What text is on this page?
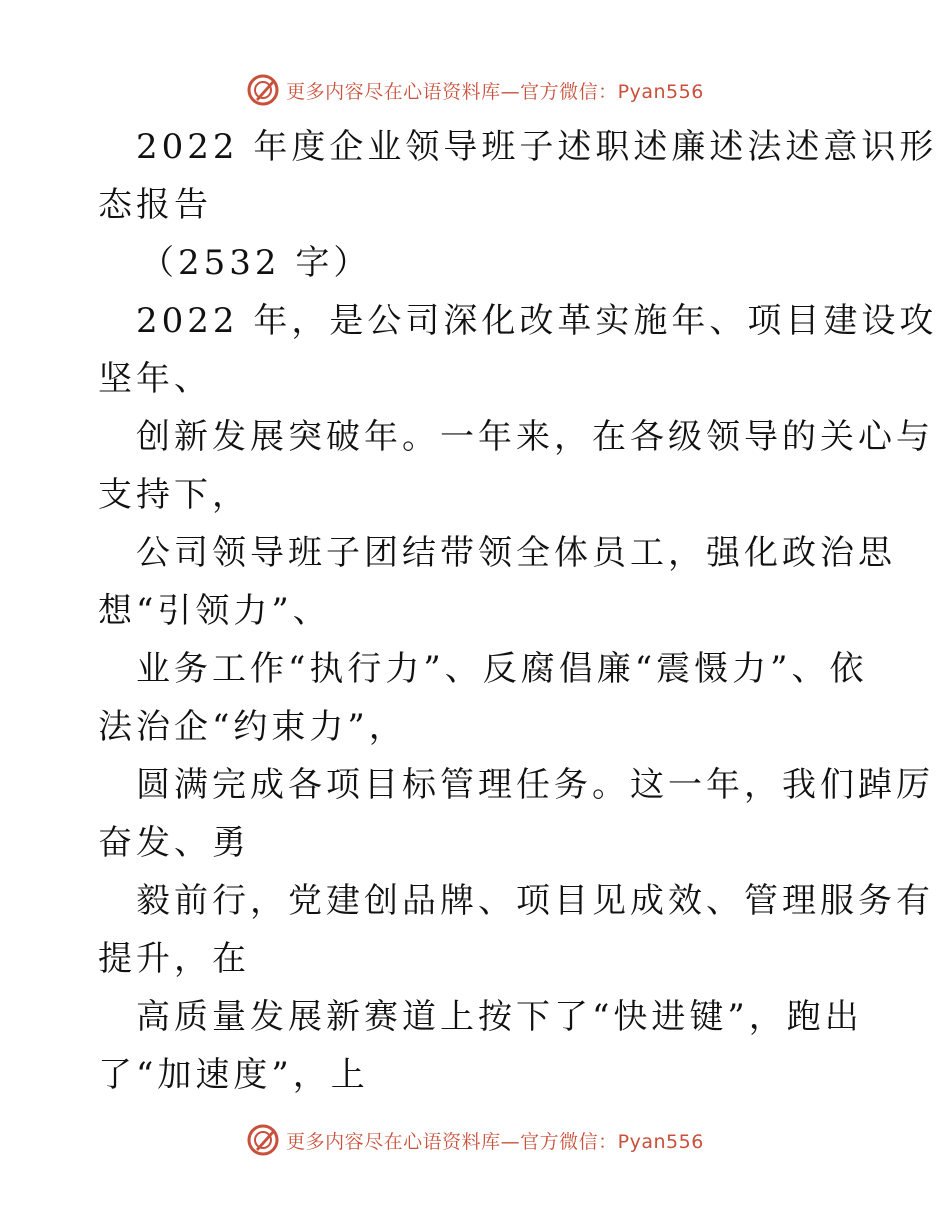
更多内容尽在心语资料库—官方微信：Pyan556
2022 年度企业领导班子述职述廉述法述意识形
态报告
（2532 字）
2022 年，是公司深化改革实施年、项目建设攻
坚年、
创新发展突破年。一年来，在各级领导的关心与
支持下，
公司领导班子团结带领全体员工，强化政治思
想“引领力”、
业务工作“执行力”、反腐倡廉“震慑力”、依
法治企“约束力”，
圆满完成各项目标管理任务。这一年，我们踔厉
奋发、勇
毅前行，党建创品牌、项目见成效、管理服务有
提升，在
高质量发展新赛道上按下了“快进键”，跑出
了“加速度”，上
更多内容尽在心语资料库—官方微信：Pyan556
